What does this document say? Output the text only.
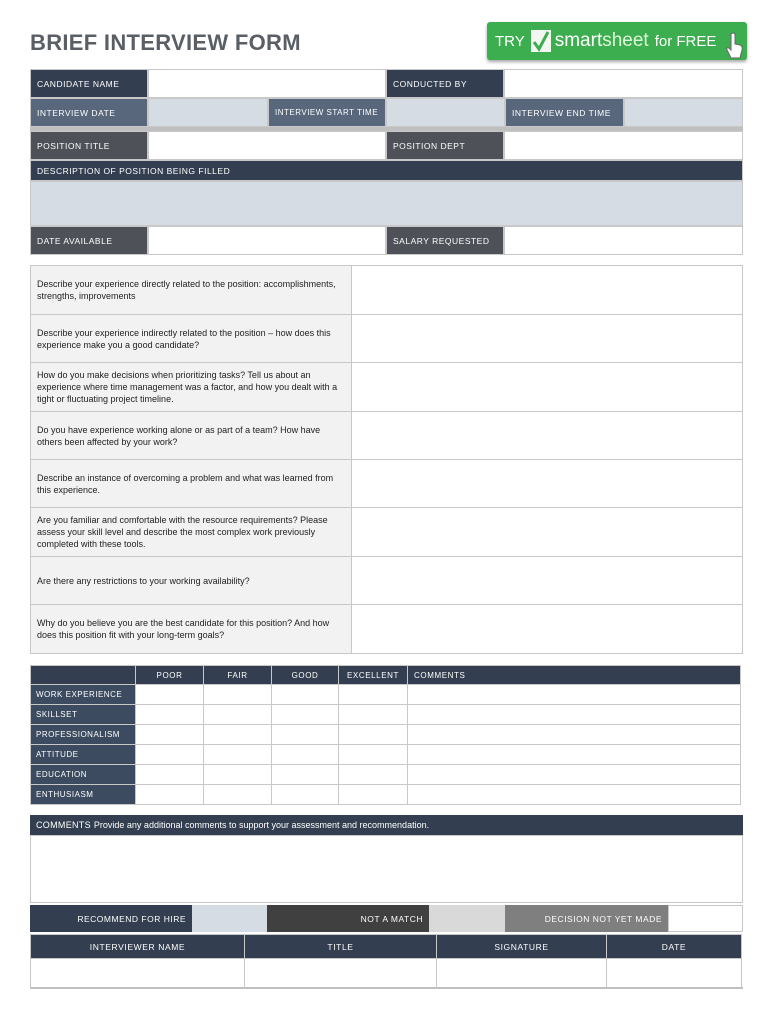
BRIEF INTERVIEW FORM	TRY smartsheet for FREE
CANDIDATE NAME	CONDUCTED BY
INTERVIEW DATE	INTERVIEW START TIME	INTERVIEW END TIME
POSITION TITLE	POSITION DEPT
DESCRIPTION OF POSITION BEING FILLED
DATE AVAILABLE	SALARY REQUESTED
Describe your experience directly related to the position: accomplishments, strengths, improvements
Describe your experience indirectly related to the position – how does this experience make you a good candidate?
How do you make decisions when prioritizing tasks? Tell us about an experience where time management was a factor, and how you dealt with a tight or fluctuating project timeline.
Do you have experience working alone or as part of a team? How have others been affected by your work?
Describe an instance of overcoming a problem and what was learned from this experience.
Are you familiar and comfortable with the resource requirements? Please assess your skill level and describe the most complex work previously completed with these tools.
Are there any restrictions to your working availability?
Why do you believe you are the best candidate for this position? And how does this position fit with your long-term goals?
	POOR	FAIR	GOOD	EXCELLENT	COMMENTS
WORK EXPERIENCE					
SKILLSET					
PROFESSIONALISM					
ATTITUDE					
EDUCATION					
ENTHUSIASM					
COMMENTS Provide any additional comments to support your assessment and recommendation.
RECOMMEND FOR HIRE	NOT A MATCH	DECISION NOT YET MADE
INTERVIEWER NAME	TITLE	SIGNATURE	DATE
